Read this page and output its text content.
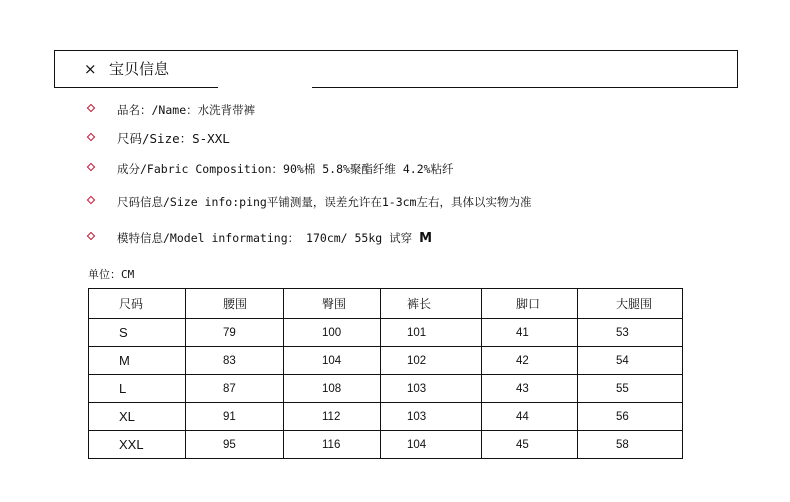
× 宝贝信息
品名：/Name：水洗背带裤
尺码/Size：S-XXL
成分/Fabric Composition：90%棉 5.8%聚酯纤维 4.2%粘纤
尺码信息/Size info:ping平铺测量，误差允许在1-3cm左右，具体以实物为准
模特信息/Model informating： 170cm/ 55kg 试穿 M
单位：CM
尺码	腰围	臀围	裤长	脚口	大腿围
S	79	100	101	41	53
M	83	104	102	42	54
L	87	108	103	43	55
XL	91	112	103	44	56
XXL	95	116	104	45	58
